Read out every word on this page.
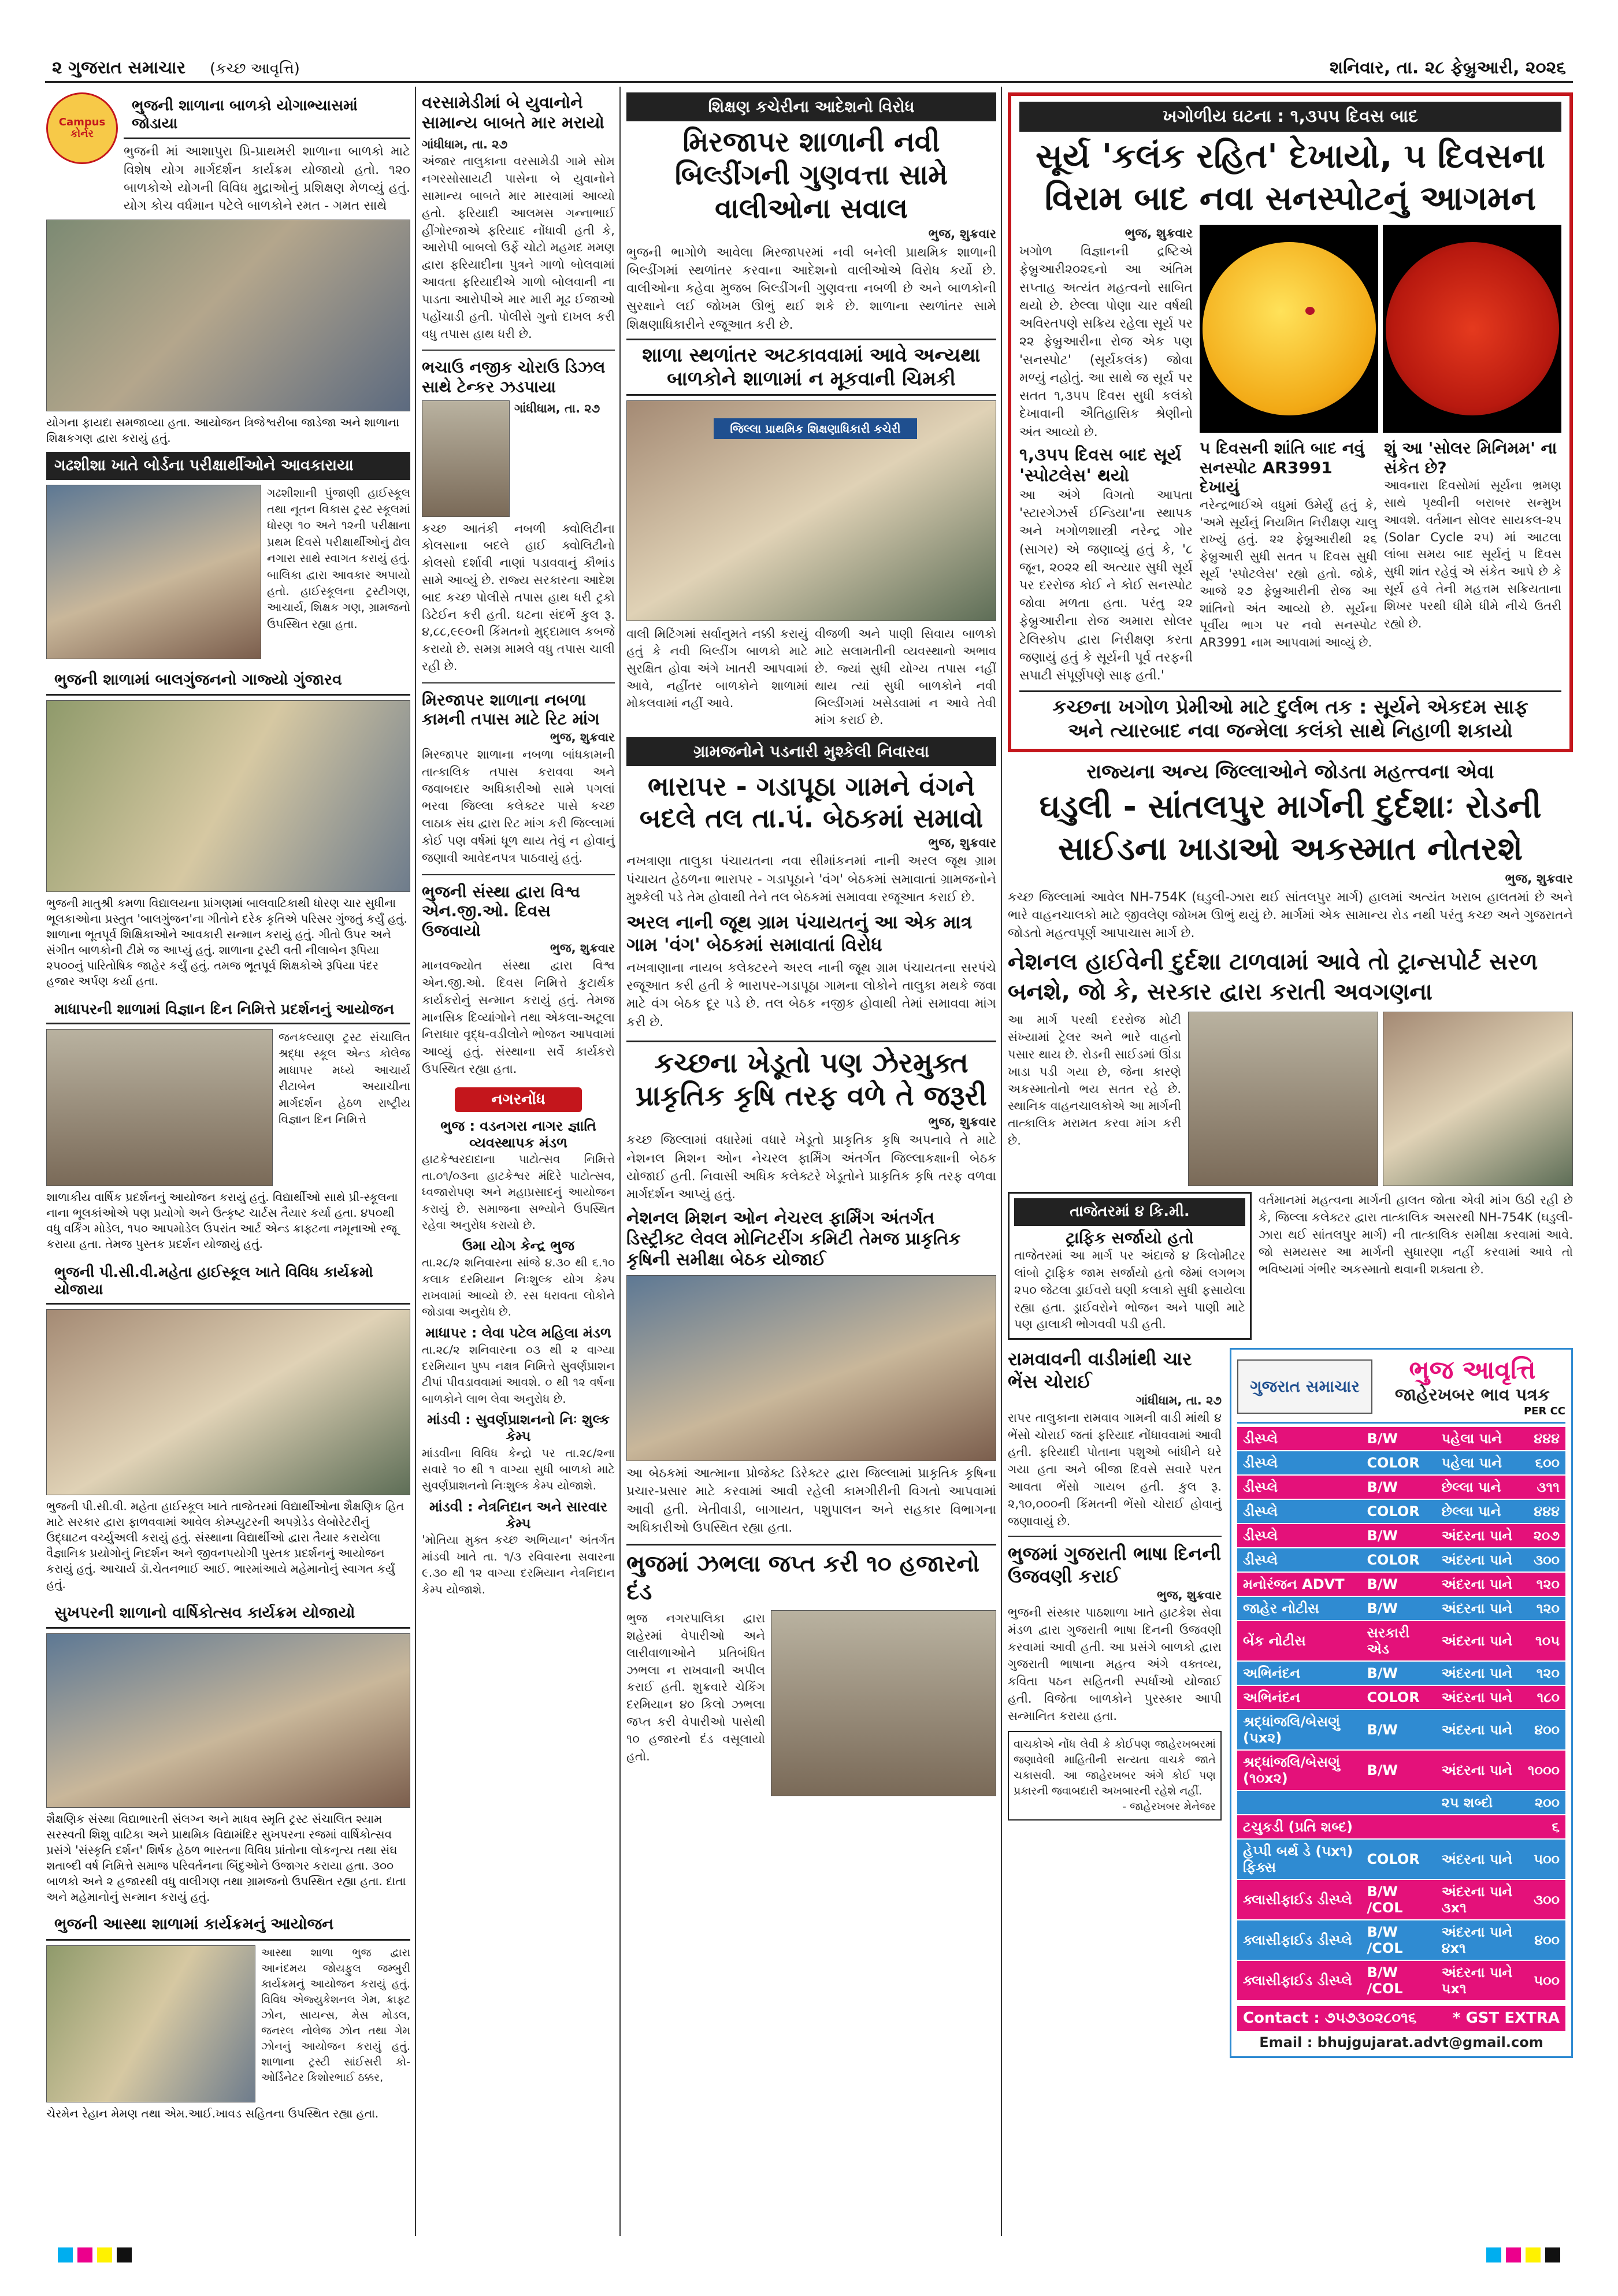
૨ ગુજરાત સમાચાર (કચ્છ આવૃત્તિ)	શનિવાર, તા. ૨૮ ફેબ્રુઆરી, ૨૦૨૬
Campus કોર્નર
ભુજની શાળાના બાળકો યોગાભ્યાસમાં જોડાયા
ભુજની માં આશાપુરા પ્રિ-પ્રાથમરી શાળાના બાળકો માટે વિશેષ યોગ માર્ગદર્શન કાર્યક્રમ યોજાયો હતો. ૧૨૦ બાળકોએ યોગની વિવિધ મુદ્રાઓનું પ્રશિક્ષણ મેળવ્યું હતું. યોગ કોચ વર્ધમાન પટેલે બાળકોને રમત - ગમત સાથે
યોગના ફાયદા સમજાવ્યા હતા. આયોજન ત્રિજેશ્વરીબા જાડેજા અને શાળાના શિક્ષકગણ દ્વારા કરાયું હતું.
ગઢશીશા ખાતે બોર્ડના પરીક્ષાર્થીઓને આવકારાયા
ગઢશીશાની પુંજાણી હાઈસ્કૂલ તથા નૂતન વિકાસ ટ્રસ્ટ સ્કૂલમાં ધોરણ ૧૦ અને ૧૨ની પરીક્ષાના પ્રથમ દિવસે પરીક્ષાર્થીઓનું ઢોલ નગારા સાથે સ્વાગત કરાયું હતું. બાલિકા દ્વારા આવકાર અપાયો હતો. હાઈસ્કૂલના ટ્રસ્ટીગણ, આચાર્ય, શિક્ષક ગણ, ગ્રામજનો ઉપસ્થિત રહ્યા હતા.
ભુજની શાળામાં બાલગુંજનનો ગાજ્યો ગુંજારવ
ભુજની માતુશ્રી કમળા વિદ્યાલયના પ્રાંગણમાં બાલવાટિકાથી ધોરણ ચાર સુધીના ભૂલકાઓના પ્રસ્તુત 'બાલગુંજન'ના ગીતોને દરેક કૃતિએ પરિસર ગુંજતું કર્યું હતું. શાળાના ભૂતપૂર્વ શિક્ષિકાઓને આવકારી સન્માન કરાયું હતું. ગીતો ઉપર અને સંગીત બાળકોની ટીમે જ આપ્યું હતું. શાળાના ટ્રસ્ટી વતી નીલાબેન રૂપિયા ૨૫૦૦નું પારિતોષિક જાહેર કર્યું હતું. તમજ ભૂતપૂર્વ શિક્ષકોએ રૂપિયા પંદર હજાર અર્પણ કર્યા હતા.
માધાપરની શાળામાં વિજ્ઞાન દિન નિમિત્તે પ્રદર્શનનું આયોજન
જનકલ્યાણ ટ્રસ્ટ સંચાલિત શ્રદ્ધા સ્કૂલ એન્ડ કોલેજ માધાપર મધ્યે આચાર્ય રીટાબેન અયાચીના માર્ગદર્શન હેઠળ રાષ્ટ્રીય વિજ્ઞાન દિન નિમિત્તે
શાળાકીય વાર્ષિક પ્રદર્શનનું આયોજન કરાયું હતું. વિદ્યાર્થીઓ સાથે પ્રી-સ્કૂલના નાના ભૂલકાંઓએ પણ પ્રયોગો અને ઉત્કૃષ્ટ ચાર્ટસ તૈયાર કર્યા હતા. ૪૫૦થી વધુ વર્કિંગ મોડેલ, ૧૫૦ આપમોડેલ ઉપરાંત આર્ટ એન્ડ ક્રાફ્ટના નમૂનાઓ રજૂ કરાયા હતા. તેમજ પુસ્તક પ્રદર્શન યોજાયું હતું.
ભુજની પી.સી.વી.મહેતા હાઈસ્કૂલ ખાતે વિવિધ કાર્યક્રમો યોજાયા
ભુજની પી.સી.વી. મહેતા હાઈસ્કૂલ ખાતે તાજેતરમાં વિદ્યાર્થીઓના શૈક્ષણિક હિત માટે સરકાર દ્વારા ફાળવવામાં આવેલ કોમ્પ્યુટરની અપગ્રેડેડ લેબોરેટરીનું ઉદ્ઘાટન વર્ચ્યુઅલી કરાયું હતું. સંસ્થાના વિદ્યાર્થીઓ દ્વારા તૈયાર કરાયેલા વૈજ્ઞાનિક પ્રયોગોનું નિદર્શન અને જીવનપયોગી પુસ્તક પ્રદર્શનનું આયોજન કરાયું હતું. આચાર્ય ડૉ.ચેતનભાઈ આઈ. ભારમાંઆયે મહેમાનોનું સ્વાગત કર્યું હતું.
સુખપરની શાળાનો વાર્ષિકોત્સવ કાર્યક્રમ યોજાયો
શૈક્ષણિક સંસ્થા વિદ્યાભારતી સંલગ્ન અને માધવ સ્મૃતિ ટ્રસ્ટ સંચાલિત શ્યામ સરસ્વતી શિશુ વાટિકા અને પ્રાથમિક વિદ્યામંદિર સુખપરના રજમાં વાર્ષિકોત્સવ પ્રસંગે 'સંસ્કૃતિ દર્શન' શિર્ષક હેઠળ ભારતના વિવિધ પ્રાંતોના લોકનૃત્ય તથા સંઘ શતાબ્દી વર્ષ નિમિત્તે સમાજ પરિવર્તનના બિંદુઓને ઉજાગર કરાયા હતા. ૩૦૦ બાળકો અને ૨ હજારથી વધુ વાલીગણ તથા ગ્રામજનો ઉપસ્થિત રહ્યા હતા. દાતા અને મહેમાનોનું સન્માન કરાયું હતું.
ભુજની આસ્થા શાળામાં કાર્યક્રમનું આયોજન
આસ્થા શાળા ભુજ દ્વારા આનંદમય જોયફુલ જમ્બુરી કાર્યક્રમનું આયોજન કરાયું હતું. વિવિધ એજ્યુકેશનલ ગેમ, ક્રાફ્ટ ઝોન, સાયન્સ, મેસ મોડલ, જનરલ નોલેજ ઝોન તથા ગેમ ઝોનનું આયોજન કરાયું હતું. શાળાના ટ્રસ્ટી સાંઈસરી કો-ઓર્ડિનેટર કિશોરભાઈ ઠક્કર,
ચેરમેન રેહાન મેમણ તથા એમ.આઈ.ખાવડ સહિતના ઉપસ્થિત રહ્યા હતા.
વરસામેડીમાં બે યુવાનોને સામાન્ય બાબતે માર મરાયો
ગાંધીધામ, તા. ૨૭
અંજાર તાલુકાના વરસામેડી ગામે સોમ નગરસોસાયટી પાસેના બે યુવાનોને સામાન્ય બાબતે માર મારવામાં આવ્યો હતો. ફરિયાદી આલમસ ગન્નાભાઈ હીંગોરજાએ ફરિયાદ નોંધાવી હતી કે, આરોપી બાબલો ઉર્ફે ચોટો મહમદ મમણ દ્વારા ફરિયાદીના પુત્રને ગાળો બોલવામાં આવતા ફરિયાદીએ ગાળો બોલવાની ના પાડતા આરોપીએ માર મારી મૂઢ ઈજાઓ પહોંચાડી હતી. પોલીસે ગુનો દાખલ કરી વધુ તપાસ હાથ ધરી છે.
ભચાઉ નજીક ચોરાઉ ડિઝલ સાથે ટેન્કર ઝડપાયા
ગાંધીધામ, તા. ૨૭
કચ્છ આતંકી નબળી ક્વોલિટીના કોલસાના બદલે હાઈ ક્વોલિટીનો કોલસો દર્શાવી નાણાં પડાવવાનું કૌભાંડ સામે આવ્યું છે. રાજ્ય સરકારના આદેશ બાદ કચ્છ પોલીસે તપાસ હાથ ધરી ટ્રકો ડિટેઈન કરી હતી. ઘટના સંદર્ભે કુલ રૂ. ૪,૮૮,૯૯૦ની કિંમતનો મુદ્દામાલ કબજે કરાયો છે. સમગ્ર મામલે વધુ તપાસ ચાલી રહી છે.
મિરજાપર શાળાના નબળા કામની તપાસ માટે રિટ માંગ
ભુજ, શુક્રવાર
મિરજાપર શાળાના નબળા બાંધકામની તાત્કાલિક તપાસ કરાવવા અને જવાબદાર અધિકારીઓ સામે પગલાં ભરવા જિલ્લા કલેક્ટર પાસે કચ્છ લાઠાક સંઘ દ્વારા રિટ માંગ કરી જિલ્લામાં કોઈ પણ વર્ષમાં ધૂળ થાય તેવું ન હોવાનું જણાવી આવેદનપત્ર પાઠવાયું હતું.
ભુજની સંસ્થા દ્વારા વિશ્વ એન.જી.ઓ. દિવસ ઉજવાયો
ભુજ, શુક્રવાર
માનવજ્યોત સંસ્થા દ્વારા વિશ્વ એન.જી.ઓ. દિવસ નિમિત્તે કુટાર્થક કાર્યકરોનું સન્માન કરાયું હતું. તેમજ માનસિક દિવ્યાંગોને તથા એકલા-અટૂલા નિરાધાર વૃદ્ધ-વડીલોને ભોજન આપવામાં આવ્યું હતું. સંસ્થાના સર્વે કાર્યકરો ઉપસ્થિત રહ્યા હતા.
નગરનોંધ
ભુજ : વડનગરા નાગર જ્ઞાતિ વ્યવસ્થાપક મંડળ
હાટકેશ્વરદાદાના પાટોત્સવ નિમિત્તે તા.૦૧/૦૩ના હાટકેશ્વર મંદિરે પાટોત્સવ, ધ્વજારોપણ અને મહાપ્રસાદનું આયોજન કરાયું છે. સમાજના સભ્યોને ઉપસ્થિત રહેવા અનુરોધ કરાયો છે.
ઉમા યોગ કેન્દ્ર ભુજ
તા.૨૮/૨ શનિવારના સાંજે ૪.૩૦ થી ૬.૧૦ કલાક દરમિયાન નિઃશુલ્ક યોગ કેમ્પ રાખવામાં આવ્યો છે. રસ ધરાવતા લોકોને જોડાવા અનુરોધ છે.
માધાપર : લેવા પટેલ મહિલા મંડળ
તા.૨૮/૨ શનિવારના ૦૩ થી ૨ વાગ્યા દરમિયાન પુષ્પ નક્ષત્ર નિમિત્તે સુવર્ણપ્રાશન ટીપાં પીવડાવવામાં આવશે. ૦ થી ૧૨ વર્ષના બાળકોને લાભ લેવા અનુરોધ છે.
માંડવી : સુવર્ણપ્રાશનનો નિઃ શુલ્ક કેમ્પ
માંડવીના વિવિધ કેન્દ્રો પર તા.૨૮/૨ના સવારે ૧૦ થી ૧ વાગ્યા સુધી બાળકો માટે સુવર્ણપ્રાશનનો નિઃશુલ્ક કેમ્પ યોજાશે.
માંડવી : નેત્રનિદાન અને સારવાર કેમ્પ
'મોતિયા મુક્ત કચ્છ અભિયાન' અંતર્ગત માંડવી ખાતે તા. ૧/૩ રવિવારના સવારના ૯.૩૦ થી ૧૨ વાગ્યા દરમિયાન નેત્રનિદાન કેમ્પ યોજાશે.
શિક્ષણ કચેરીના આદેશનો વિરોધ
મિરજાપર શાળાની નવી બિલ્ડીંગની ગુણવત્તા સામે વાલીઓના સવાલ
ભુજ, શુક્રવાર
ભુજની ભાગોળે આવેલા મિરજાપરમાં નવી બનેલી પ્રાથમિક શાળાની બિલ્ડીંગમાં સ્થળાંતર કરવાના આદેશનો વાલીઓએ વિરોધ કર્યો છે. વાલીઓના કહેવા મુજબ બિલ્ડીંગની ગુણવત્તા નબળી છે અને બાળકોની સુરક્ષાને લઈ જોખમ ઊભું થઈ શકે છે. શાળાના સ્થળાંતર સામે શિક્ષણાધિકારીને રજૂઆત કરી છે.
શાળા સ્થળાંતર અટકાવવામાં આવે અન્યથા બાળકોને શાળામાં ન મૂકવાની ચિમકી
જિલ્લા પ્રાથમિક શિક્ષણાધિકારી કચેરી
વાલી મિટિંગમાં સર્વાનુમતે નક્કી કરાયું હતું કે નવી બિલ્ડીંગ બાળકો માટે સુરક્ષિત હોવા અંગે ખાતરી આપવામાં આવે, નહીંતર બાળકોને શાળામાં મોકલવામાં નહીં આવે.
વીજળી અને પાણી સિવાય બાળકો માટે સલામતીની વ્યવસ્થાનો અભાવ છે. જ્યાં સુધી યોગ્ય તપાસ નહીં થાય ત્યાં સુધી બાળકોને નવી બિલ્ડીંગમાં ખસેડવામાં ન આવે તેવી માંગ કરાઈ છે.
ગ્રામજનોને પડનારી મુશ્કેલી નિવારવા
ભારાપર - ગડાપૂઠા ગામને વંગને બદલે તલ તા.પં. બેઠકમાં સમાવો
ભુજ, શુક્રવાર
નખત્રાણા તાલુકા પંચાયતના નવા સીમાંકનમાં નાની અરલ જૂથ ગ્રામ પંચાયત હેઠળના ભારાપર - ગડાપૂઠાને 'વંગ' બેઠકમાં સમાવાતાં ગ્રામજનોને મુશ્કેલી પડે તેમ હોવાથી તેને તલ બેઠકમાં સમાવવા રજૂઆત કરાઈ છે.
અરલ નાની જૂથ ગ્રામ પંચાયતનું આ એક માત્ર ગામ 'વંગ' બેઠકમાં સમાવાતાં વિરોધ
નખત્રાણાના નાયબ કલેક્ટરને અરલ નાની જૂથ ગ્રામ પંચાયતના સરપંચે રજૂઆત કરી હતી કે ભારાપર-ગડાપૂઠા ગામના લોકોને તાલુકા મથકે જવા માટે વંગ બેઠક દૂર પડે છે. તલ બેઠક નજીક હોવાથી તેમાં સમાવવા માંગ કરી છે.
કચ્છના ખેડૂતો પણ ઝેરમુક્ત પ્રાકૃતિક કૃષિ તરફ વળે તે જરૂરી
ભુજ, શુક્રવાર
કચ્છ જિલ્લામાં વધારેમાં વધારે ખેડૂતો પ્રાકૃતિક કૃષિ અપનાવે તે માટે નેશનલ મિશન ઓન નેચરલ ફાર્મિંગ અંતર્ગત જિલ્લાકક્ષાની બેઠક યોજાઈ હતી. નિવાસી અધિક કલેક્ટરે ખેડૂતોને પ્રાકૃતિક કૃષિ તરફ વળવા માર્ગદર્શન આપ્યું હતું.
નેશનલ મિશન ઓન નેચરલ ફાર્મિંગ અંતર્ગત ડિસ્ટ્રીક્ટ લેવલ મોનિટરીંગ કમિટી તેમજ પ્રાકૃતિક કૃષિની સમીક્ષા બેઠક યોજાઈ
આ બેઠકમાં આત્માના પ્રોજેક્ટ ડિરેક્ટર દ્વારા જિલ્લામાં પ્રાકૃતિક કૃષિના પ્રચાર-પ્રસાર માટે કરવામાં આવી રહેલી કામગીરીની વિગતો આપવામાં આવી હતી. ખેતીવાડી, બાગાયત, પશુપાલન અને સહકાર વિભાગના અધિકારીઓ ઉપસ્થિત રહ્યા હતા.
ભુજમાં ઝભલા જપ્ત કરી ૧૦ હજારનો દંડ
ભુજ નગરપાલિકા દ્વારા શહેરમાં વેપારીઓ અને લારીવાળાઓને પ્રતિબંધિત ઝભલા ન રાખવાની અપીલ કરાઈ હતી. શુક્રવારે ચેકિંગ દરમિયાન ૪૦ કિલો ઝભલા જપ્ત કરી વેપારીઓ પાસેથી ૧૦ હજારનો દંડ વસૂલાયો હતો.
ખગોળીય ઘટના : ૧,૩૫૫ દિવસ બાદ
સૂર્ય 'કલંક રહિત' દેખાયો, ૫ દિવસના વિરામ બાદ નવા સનસ્પોટનું આગમન
ભુજ, શુક્રવાર
ખગોળ વિજ્ઞાનની દ્રષ્ટિએ ફેબ્રુઆરી૨૦૨૬નો આ અંતિમ સપ્તાહ અત્યંત મહત્વનો સાબિત થયો છે. છેલ્લા પોણા ચાર વર્ષથી અવિરતપણે સક્રિય રહેલા સૂર્ય પર ૨૨ ફેબ્રુઆરીના રોજ એક પણ 'સનસ્પોટ' (સૂર્યકલંક) જોવા મળ્યું નહોતું. આ સાથે જ સૂર્ય પર સતત ૧,૩૫૫ દિવસ સુધી કલંકો દેખાવાની ઐતિહાસિક શ્રેણીનો અંત આવ્યો છે.
૧,૩૫૫ દિવસ બાદ સૂર્ય 'સ્પોટલેસ' થયો
આ અંગે વિગતો આપતા 'સ્ટારગેઝર્સ ઈન્ડિયા'ના સ્થાપક અને ખગોળશાસ્ત્રી નરેન્દ્ર ગોર (સાગર) એ જણાવ્યું હતું કે, '૮ જૂન, ૨૦૨૨ થી અત્યાર સુધી સૂર્ય પર દરરોજ કોઈ ને કોઈ સનસ્પોટ જોવા મળતા હતા. પરંતુ ૨૨ ફેબ્રુઆરીના રોજ અમારા સોલર ટેલિસ્કોપ દ્વારા નિરીક્ષણ કરતા જણાયું હતું કે સૂર્યની પૂર્વ તરફની સપાટી સંપૂર્ણપણે સાફ હતી.'
૫ દિવસની શાંતિ બાદ નવું સનસ્પોટ AR3991 દેખાયું
નરેન્દ્રભાઈએ વધુમાં ઉમેર્યું હતું કે, 'અમે સૂર્યનું નિયમિત નિરીક્ષણ ચાલુ રાખ્યું હતું. ૨૨ ફેબ્રુઆરીથી ૨૬ ફેબ્રુઆરી સુધી સતત ૫ દિવસ સુધી સૂર્ય 'સ્પોટલેસ' રહ્યો હતો. જોકે, આજે ૨૭ ફેબ્રુઆરીની રોજ આ શાંતિનો અંત આવ્યો છે. સૂર્યના પૂર્વીય ભાગ પર નવો સનસ્પોટ AR3991 નામ આપવામાં આવ્યું છે.
શું આ 'સોલર મિનિમમ' ના સંકેત છે?
આવનારા દિવસોમાં સૂર્યના ભ્રમણ સાથે પૃથ્વીની બરાબર સન્મુખ આવશે. વર્તમાન સોલર સાયકલ-૨૫ (Solar Cycle ૨૫) માં આટલા લાંબા સમય બાદ સૂર્યનું ૫ દિવસ સુધી શાંત રહેવું એ સંકેત આપે છે કે સૂર્ય હવે તેની મહત્તમ સક્રિયતાના શિખર પરથી ધીમે ધીમે નીચે ઉતરી રહ્યો છે.
કચ્છના ખગોળ પ્રેમીઓ માટે દુર્લભ તક : સૂર્યને એકદમ સાફ
અને ત્યારબાદ નવા જન્મેલા કલંકો સાથે નિહાળી શકાયો
રાજ્યના અન્ય જિલ્લાઓને જોડતા મહત્ત્વના એવા
ઘડુલી - સાંતલપુર માર્ગની દુર્દશાઃ રોડની સાઈડના ખાડાઓ અકસ્માત નોતરશે
ભુજ, શુક્રવાર
કચ્છ જિલ્લામાં આવેલ NH-754K (ઘડુલી-ઝારા થઈ સાંતલપુર માર્ગ) હાલમાં અત્યંત ખરાબ હાલતમાં છે અને ભારે વાહનચાલકો માટે જીવલેણ જોખમ ઊભું થયું છે. માર્ગમાં એક સામાન્ય રોડ નથી પરંતુ કચ્છ અને ગુજરાતને જોડતો મહત્વપૂર્ણ આપાચાસ માર્ગ છે.
નેશનલ હાઈવેની દુર્દશા ટાળવામાં આવે તો ટ્રાન્સપોર્ટ સરળ બનશે, જો કે, સરકાર દ્વારા કરાતી અવગણના
આ માર્ગ પરથી દરરોજ મોટી સંખ્યામાં ટ્રેલર અને ભારે વાહનો પસાર થાય છે. રોડની સાઈડમાં ઊંડા ખાડા પડી ગયા છે, જેના કારણે અકસ્માતોનો ભય સતત રહે છે. સ્થાનિક વાહનચાલકોએ આ માર્ગની તાત્કાલિક મરામત કરવા માંગ કરી છે.
તાજેતરમાં ૪ કિ.મી.
ટ્રાફિક સર્જાયો હતો
તાજેતરમાં આ માર્ગ પર અંદાજે ૪ કિલોમીટર લાંબો ટ્રાફિક જામ સર્જાયો હતો જેમાં લગભગ ૨૫૦ જેટલા ડ્રાઈવરો ઘણી કલાકો સુધી ફસાયેલા રહ્યા હતા. ડ્રાઈવરોને ભોજન અને પાણી માટે પણ હાલાકી ભોગવવી પડી હતી.
વર્તમાનમાં મહત્વના માર્ગની હાલત જોતા એવી માંગ ઉઠી રહી છે કે, જિલ્લા કલેક્ટર દ્વારા તાત્કાલિક અસરથી NH-754K (ઘડુલી-ઝારા થઈ સાંતલપુર માર્ગ) ની તાત્કાલિક સમીક્ષા કરવામાં આવે. જો સમયસર આ માર્ગની સુધારણા નહીં કરવામાં આવે તો ભવિષ્યમાં ગંભીર અકસ્માતો થવાની શક્યતા છે.
રામવાવની વાડીમાંથી ચાર ભેંસ ચોરાઈ
ગાંધીધામ, તા. ૨૭
રાપર તાલુકાના રામવાવ ગામની વાડી માંથી ૪ ભેંસો ચોરાઈ જતાં ફરિયાદ નોંધાવવામાં આવી હતી. ફરિયાદી પોતાના પશુઓ બાંધીને ઘરે ગયા હતા અને બીજા દિવસે સવારે પરત આવતા ભેંસો ગાયબ હતી. કુલ રૂ. ૨,૧૦,૦૦૦ની કિંમતની ભેંસો ચોરાઈ હોવાનું જણાવાયું છે.
ભુજમાં ગુજરાતી ભાષા દિનની ઉજવણી કરાઈ
ભુજ, શુક્રવાર
ભુજની સંસ્કાર પાઠશાળા ખાતે હાટકેશ સેવા મંડળ દ્વારા ગુજરાતી ભાષા દિનની ઉજવણી કરવામાં આવી હતી. આ પ્રસંગે બાળકો દ્વારા ગુજરાતી ભાષાના મહત્વ અંગે વક્તવ્ય, કવિતા પઠન સહિતની સ્પર્ધાઓ યોજાઈ હતી. વિજેતા બાળકોને પુરસ્કાર આપી સન્માનિત કરાયા હતા.
વાચકોએ નોંધ લેવી કે કોઈપણ જાહેરખબરમાં જણાવેલી માહિતીની સત્યતા વાચકે જાતે ચકાસવી. આ જાહેરખબર અંગે કોઈ પણ પ્રકારની જવાબદારી અખબારની રહેશે નહીં.
- જાહેરખબર મેનેજર
ગુજરાત સમાચાર
ભુજ આવૃત્તિ
જાહેરખબર ભાવ પત્રક
PER CC
ડીસ્પ્લે	B/W	પહેલા પાને	૪૪૪
ડીસ્પ્લે	COLOR	પહેલા પાને	૬૦૦
ડીસ્પ્લે	B/W	છેલ્લા પાને	૩૧૧
ડીસ્પ્લે	COLOR	છેલ્લા પાને	૪૪૪
ડીસ્પ્લે	B/W	અંદરના પાને	૨૦૭
ડીસ્પ્લે	COLOR	અંદરના પાને	૩૦૦
મનોરંજન ADVT	B/W	અંદરના પાને	૧૨૦
જાહેર નોટીસ	B/W	અંદરના પાને	૧૨૦
બેંક નોટીસ	સરકારી એડ	અંદરના પાને	૧૦૫
અભિનંદન	B/W	અંદરના પાને	૧૨૦
અભિનંદન	COLOR	અંદરના પાને	૧૮૦
શ્રદ્ધાંજલિ/બેસણું (૫x૨)	B/W	અંદરના પાને	૪૦૦
શ્રદ્ધાંજલિ/બેસણું (૧૦x૨)	B/W	અંદરના પાને	૧૦૦૦
		૨૫ શબ્દો	૨૦૦
ટચુકડી (પ્રતિ શબ્દ)			૬
હેપ્પી બર્થ ડે (૫x૧) ફિક્સ	COLOR	અંદરના પાને	૫૦૦
ક્લાસીફાઈડ ડીસ્પ્લે	B/W /COL	અંદરના પાને ૩x૧	૩૦૦
ક્લાસીફાઈડ ડીસ્પ્લે	B/W /COL	અંદરના પાને ૪x૧	૪૦૦
ક્લાસીફાઈડ ડીસ્પ્લે	B/W /COL	અંદરના પાને ૫x૧	૫૦૦
Contact : ૭૫૭૩૦૨૮૦૧૬ * GST EXTRA
Email : bhujgujarat.advt@gmail.com
